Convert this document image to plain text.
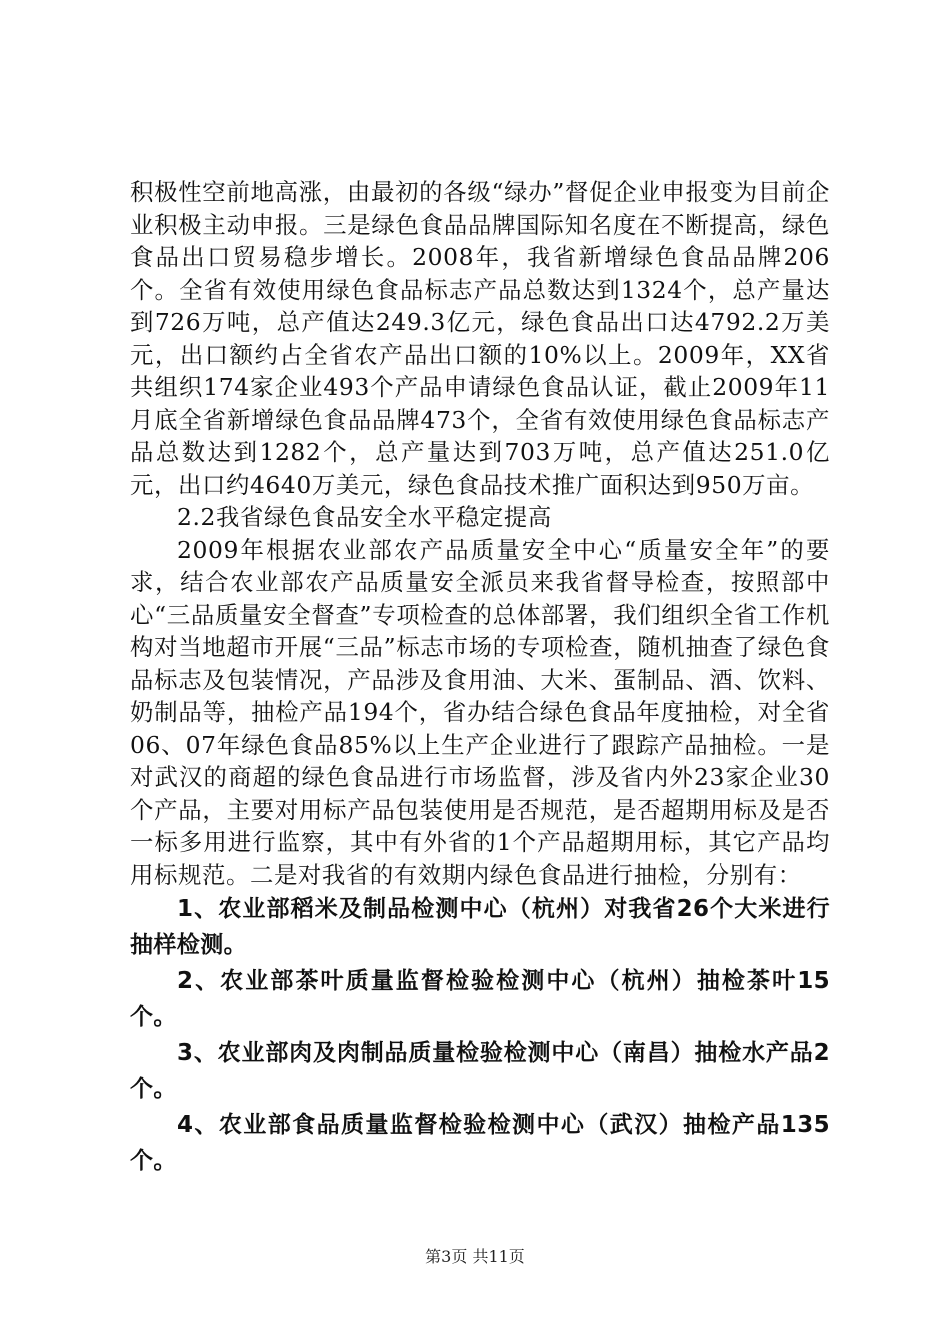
积极性空前地高涨，由最初的各级“绿办”督促企业申报变为目前企业积极主动申报。三是绿色食品品牌国际知名度在不断提高，绿色食品出口贸易稳步增长。2008年，我省新增绿色食品品牌206个。全省有效使用绿色食品标志产品总数达到1324个，总产量达到726万吨，总产值达249.3亿元，绿色食品出口达4792.2万美元，出口额约占全省农产品出口额的10%以上。2009年，XX省共组织174家企业493个产品申请绿色食品认证，截止2009年11月底全省新增绿色食品品牌473个，全省有效使用绿色食品标志产品总数达到1282个，总产量达到703万吨，总产值达251.0亿元，出口约4640万美元，绿色食品技术推广面积达到950万亩。

2.2我省绿色食品安全水平稳定提高

2009年根据农业部农产品质量安全中心“质量安全年”的要求，结合农业部农产品质量安全派员来我省督导检查，按照部中心“三品质量安全督查”专项检查的总体部署，我们组织全省工作机构对当地超市开展“三品”标志市场的专项检查，随机抽查了绿色食品标志及包装情况，产品涉及食用油、大米、蛋制品、酒、饮料、奶制品等，抽检产品194个，省办结合绿色食品年度抽检，对全省06、07年绿色食品85%以上生产企业进行了跟踪产品抽检。一是对武汉的商超的绿色食品进行市场监督，涉及省内外23家企业30个产品，主要对用标产品包装使用是否规范，是否超期用标及是否一标多用进行监察，其中有外省的1个产品超期用标，其它产品均用标规范。二是对我省的有效期内绿色食品进行抽检，分别有：

1、农业部稻米及制品检测中心（杭州）对我省26个大米进行抽样检测。

2、农业部茶叶质量监督检验检测中心（杭州）抽检茶叶15个。

3、农业部肉及肉制品质量检验检测中心（南昌）抽检水产品2个。

4、农业部食品质量监督检验检测中心（武汉）抽检产品135个。

第3页 共11页
